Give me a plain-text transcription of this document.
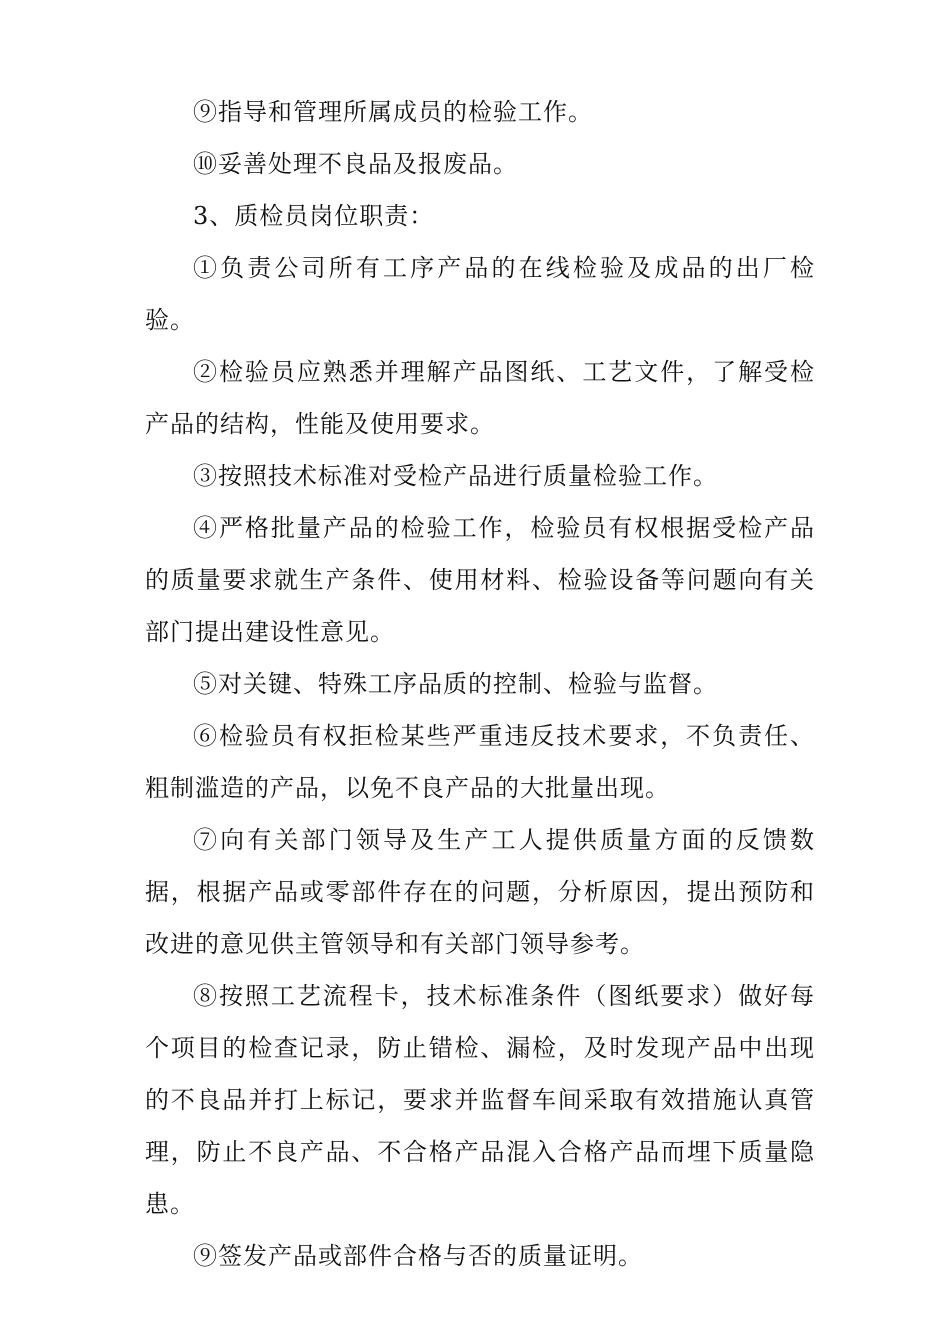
⑨指导和管理所属成员的检验工作。

⑩妥善处理不良品及报废品。

3、质检员岗位职责：

①负责公司所有工序产品的在线检验及成品的出厂检验。

②检验员应熟悉并理解产品图纸、工艺文件，了解受检产品的结构，性能及使用要求。

③按照技术标准对受检产品进行质量检验工作。

④严格批量产品的检验工作，检验员有权根据受检产品的质量要求就生产条件、使用材料、检验设备等问题向有关部门提出建设性意见。

⑤对关键、特殊工序品质的控制、检验与监督。

⑥检验员有权拒检某些严重违反技术要求，不负责任、粗制滥造的产品，以免不良产品的大批量出现。

⑦向有关部门领导及生产工人提供质量方面的反馈数据，根据产品或零部件存在的问题，分析原因，提出预防和改进的意见供主管领导和有关部门领导参考。

⑧按照工艺流程卡，技术标准条件（图纸要求）做好每个项目的检查记录，防止错检、漏检，及时发现产品中出现的不良品并打上标记，要求并监督车间采取有效措施认真管理，防止不良产品、不合格产品混入合格产品而埋下质量隐患。

⑨签发产品或部件合格与否的质量证明。
